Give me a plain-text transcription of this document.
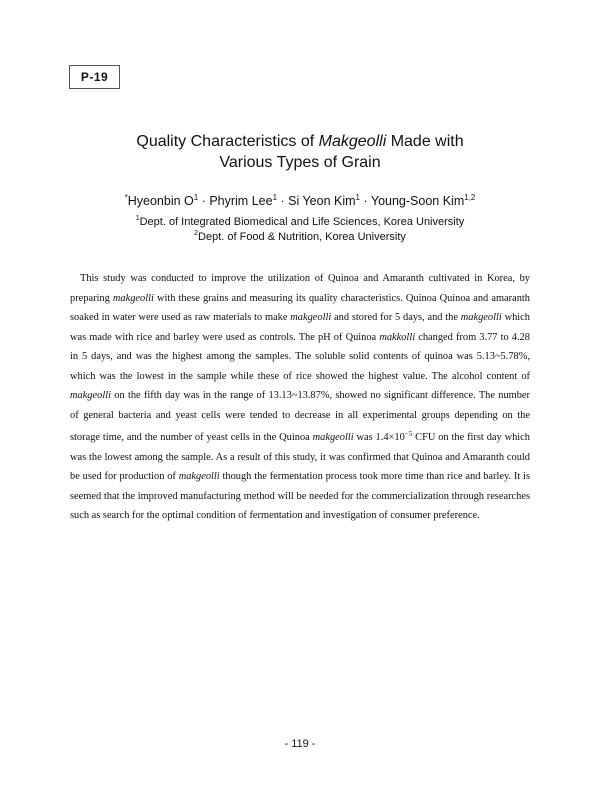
P-19
Quality Characteristics of Makgeolli Made with
Various Types of Grain
*Hyeonbin $O^1$ · Phyrim Lee$^1$ · Si Yeon Kim$^1$ · Young-Soon Kim$^{1,2}$
$^1$Dept. of Integrated Biomedical and Life Sciences, Korea University
$^2$Dept. of Food & Nutrition, Korea University

This study was conducted to improve the utilization of Quinoa and Amaranth cultivated in Korea, by preparing makgeolli with these grains and measuring its quality characteristics. Quinoa Quinoa and amaranth soaked in water were used as raw materials to make makgeolli and stored for 5 days, and the makgeolli which was made with rice and barley were used as controls. The pH of Quinoa makkolli changed from 3.77 to 4.28 in 5 days, and was the highest among the samples. The soluble solid contents of quinoa was 5.13~5.78%, which was the lowest in the sample while these of rice showed the highest value. The alcohol content of makgeolli on the fifth day was in the range of 13.13~13.87%, showed no significant difference. The number of general bacteria and yeast cells were tended to decrease in all experimental groups depending on the storage time, and the number of yeast cells in the Quinoa makgeolli was $1.4\times 10^{-5}$ CFU on the first day which was the lowest among the sample. As a result of this study, it was confirmed that Quinoa and Amaranth could be used for production of makgeolli though the fermentation process took more time than rice and barley. It is seemed that the improved manufacturing method will be needed for the commercialization through researches such as search for the optimal condition of fermentation and investigation of consumer preference.

- 119 -
